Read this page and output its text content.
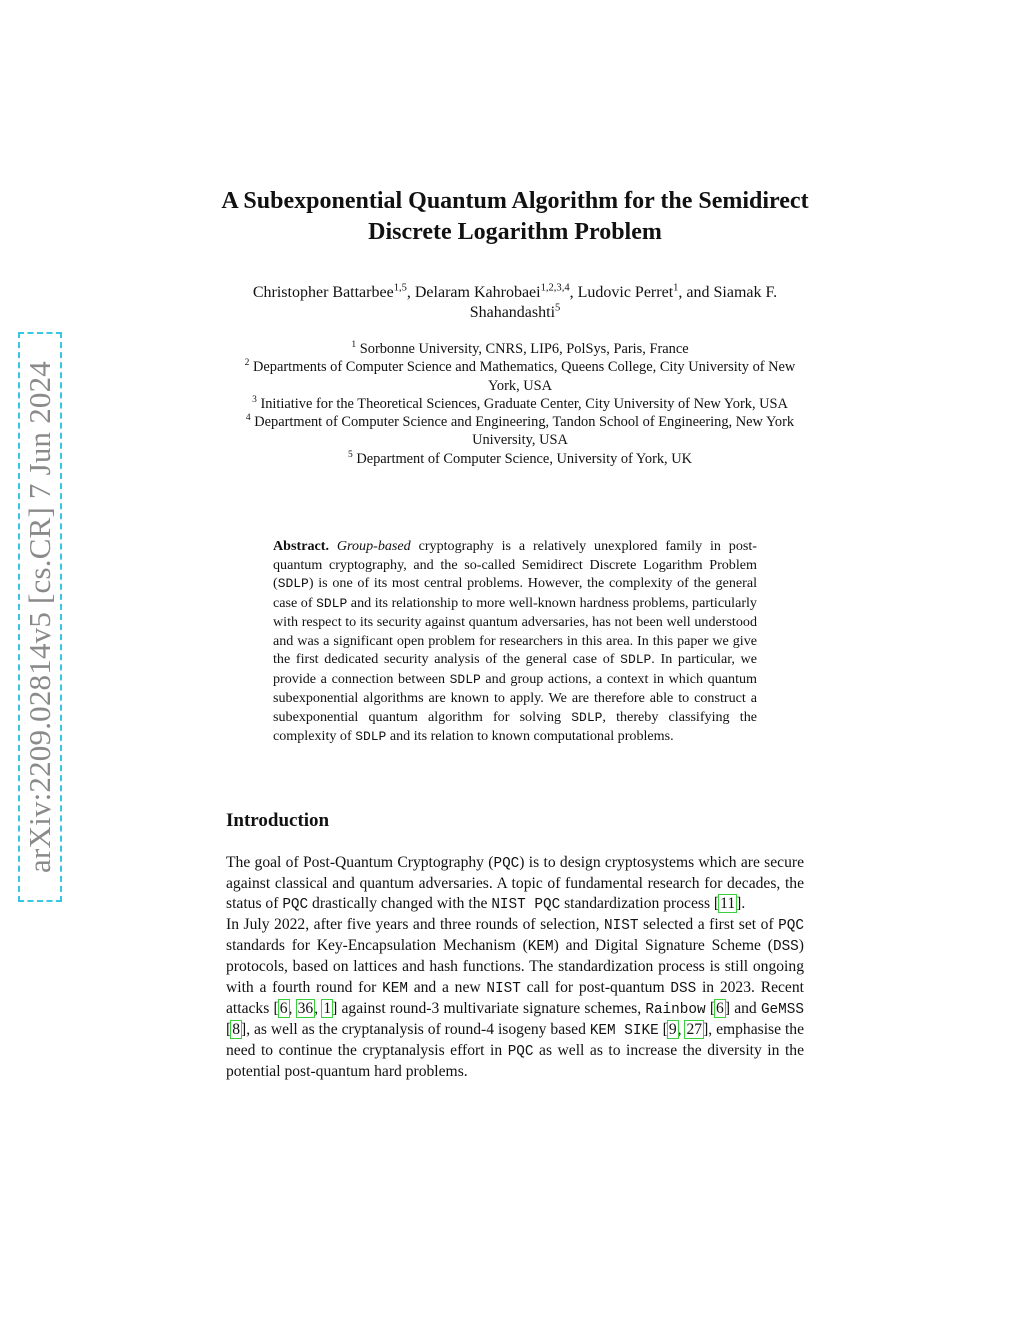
arXiv:2209.02814v5 [cs.CR] 7 Jun 2024
A Subexponential Quantum Algorithm for the Semidirect Discrete Logarithm Problem

Christopher Battarbee$^{1,5}$, Delaram Kahrobaei$^{1,2,3,4}$, Ludovic Perret$^1$, and Siamak F. Shahandashti$^5$

$^1$ Sorbonne University, CNRS, LIP6, PolSys, Paris, France
$^2$ Departments of Computer Science and Mathematics, Queens College, City University of New York, USA
$^3$ Initiative for the Theoretical Sciences, Graduate Center, City University of New York, USA
$^4$ Department of Computer Science and Engineering, Tandon School of Engineering, New York University, USA
$^5$ Department of Computer Science, University of York, UK

Abstract. Group-based cryptography is a relatively unexplored family in post-quantum cryptography, and the so-called Semidirect Discrete Logarithm Problem (SDLP) is one of its most central problems. However, the complexity of the general case of SDLP and its relationship to more well-known hardness problems, particularly with respect to its security against quantum adversaries, has not been well understood and was a significant open problem for researchers in this area. In this paper we give the first dedicated security analysis of the general case of SDLP. In particular, we provide a connection between SDLP and group actions, a context in which quantum subexponential algorithms are known to apply. We are therefore able to construct a subexponential quantum algorithm for solving SDLP, thereby classifying the complexity of SDLP and its relation to known computational problems.

Introduction

The goal of Post-Quantum Cryptography (PQC) is to design cryptosystems which are secure against classical and quantum adversaries. A topic of fundamental research for decades, the status of PQC drastically changed with the NIST PQC standardization process [11].

In July 2022, after five years and three rounds of selection, NIST selected a first set of PQC standards for Key-Encapsulation Mechanism (KEM) and Digital Signature Scheme (DSS) protocols, based on lattices and hash functions. The standardization process is still ongoing with a fourth round for KEM and a new NIST call for post-quantum DSS in 2023. Recent attacks [6, 36, 1] against round-3 multivariate signature schemes, Rainbow [6] and GeMSS [8], as well as the cryptanalysis of round-4 isogeny based KEM SIKE [9, 27], emphasise the need to continue the cryptanalysis effort in PQC as well as to increase the diversity in the potential post-quantum hard problems.
